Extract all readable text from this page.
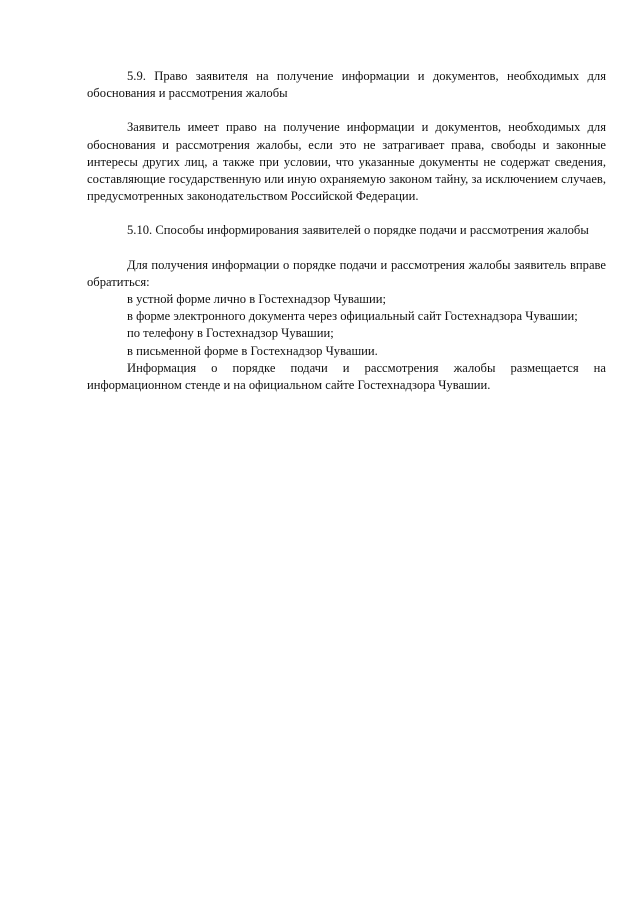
5.9. Право заявителя на получение информации и документов, необходимых для обоснования и рассмотрения жалобы

Заявитель имеет право на получение информации и документов, необходимых для обоснования и рассмотрения жалобы, если это не затрагивает права, свободы и законные интересы других лиц, а также при условии, что указанные документы не содержат сведения, составляющие государственную или иную охраняемую законом тайну, за исключением случаев, предусмотренных законодательством Российской Федерации.

5.10. Способы информирования заявителей о порядке подачи и рассмотрения жалобы

Для получения информации о порядке подачи и рассмотрения жалобы заявитель вправе обратиться:

в устной форме лично в Гостехнадзор Чувашии;

в форме электронного документа через официальный сайт Гостехнадзора Чувашии;

по телефону в Гостехнадзор Чувашии;

в письменной форме в Гостехнадзор Чувашии.

Информация о порядке подачи и рассмотрения жалобы размещается на информационном стенде и на официальном сайте Гостехнадзора Чувашии.
